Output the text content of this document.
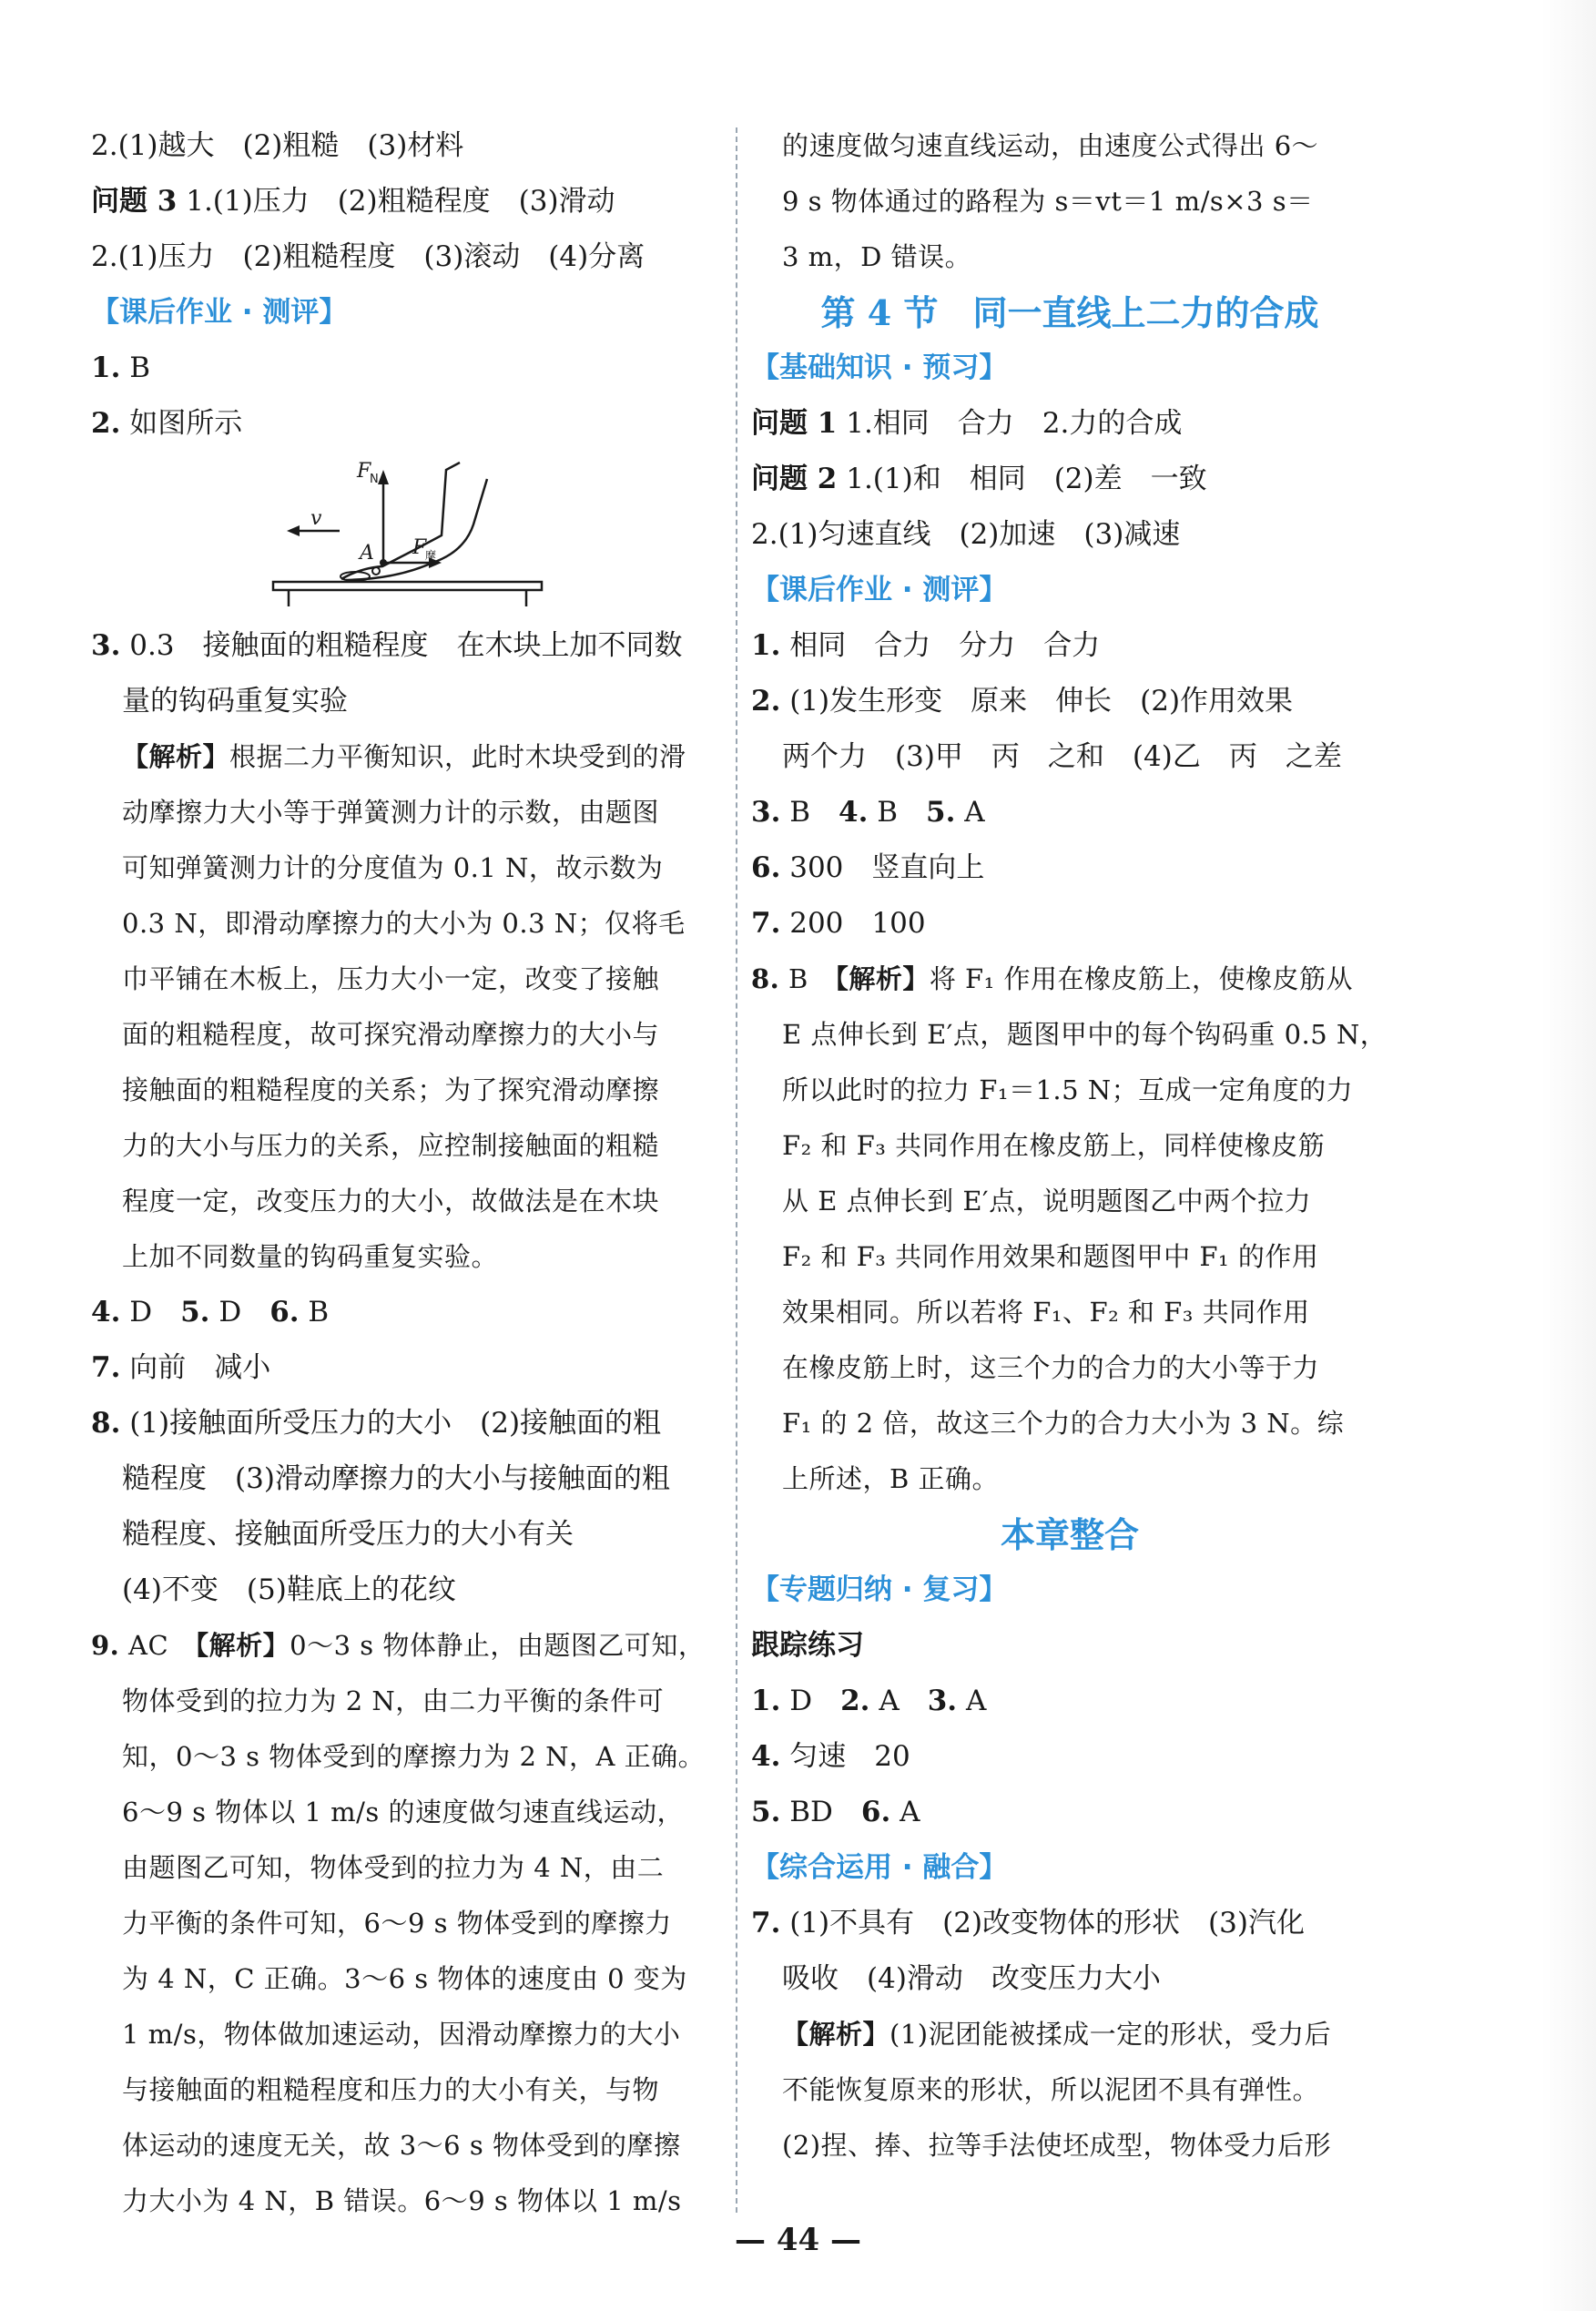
2.(1)越大　(2)粗糙　(3)材料
问题 3 1.(1)压力　(2)粗糙程度　(3)滑动
2.(1)压力　(2)粗糙程度　(3)滚动　(4)分离
【课后作业 · 测评】
1. B
2. 如图所示
F
N
v
A F
摩
3. 0.3　接触面的粗糙程度　在木块上加不同数
量的钩码重复实验
【解析】根据二力平衡知识，此时木块受到的滑
动摩擦力大小等于弹簧测力计的示数，由题图
可知弹簧测力计的分度值为 0.1 N，故示数为
0.3 N，即滑动摩擦力的大小为 0.3 N；仅将毛
巾平铺在木板上，压力大小一定，改变了接触
面的粗糙程度，故可探究滑动摩擦力的大小与
接触面的粗糙程度的关系；为了探究滑动摩擦
力的大小与压力的关系，应控制接触面的粗糙
程度一定，改变压力的大小，故做法是在木块
上加不同数量的钩码重复实验。
4. D　5. D　6. B
7. 向前　减小
8. (1)接触面所受压力的大小　(2)接触面的粗
糙程度　(3)滑动摩擦力的大小与接触面的粗
糙程度、接触面所受压力的大小有关
(4)不变　(5)鞋底上的花纹
9. AC　【解析】0～3 s 物体静止，由题图乙可知，
物体受到的拉力为 2 N，由二力平衡的条件可
知，0～3 s 物体受到的摩擦力为 2 N，A 正确。
6～9 s 物体以 1 m/s 的速度做匀速直线运动，
由题图乙可知，物体受到的拉力为 4 N，由二
力平衡的条件可知，6～9 s 物体受到的摩擦力
为 4 N，C 正确。3～6 s 物体的速度由 0 变为
1 m/s，物体做加速运动，因滑动摩擦力的大小
与接触面的粗糙程度和压力的大小有关，与物
体运动的速度无关，故 3～6 s 物体受到的摩擦
力大小为 4 N，B 错误。6～9 s 物体以 1 m/s
的速度做匀速直线运动，由速度公式得出 6～
9 s 物体通过的路程为 s＝vt＝1 m/s×3 s＝
3 m，D 错误。
第 4 节　同一直线上二力的合成
【基础知识 · 预习】
问题 1 1.相同　合力　2.力的合成
问题 2 1.(1)和　相同　(2)差　一致
2.(1)匀速直线　(2)加速　(3)减速
【课后作业 · 测评】
1. 相同　合力　分力　合力
2. (1)发生形变　原来　伸长　(2)作用效果
两个力　(3)甲　丙　之和　(4)乙　丙　之差
3. B　4. B　5. A
6. 300　竖直向上
7. 200　100
8. B　【解析】将 F₁ 作用在橡皮筋上，使橡皮筋从
E 点伸长到 E′点，题图甲中的每个钩码重 0.5 N，
所以此时的拉力 F₁＝1.5 N；互成一定角度的力
F₂ 和 F₃ 共同作用在橡皮筋上，同样使橡皮筋
从 E 点伸长到 E′点，说明题图乙中两个拉力
F₂ 和 F₃ 共同作用效果和题图甲中 F₁ 的作用
效果相同。所以若将 F₁、F₂ 和 F₃ 共同作用
在橡皮筋上时，这三个力的合力的大小等于力
F₁ 的 2 倍，故这三个力的合力大小为 3 N。综
上所述，B 正确。
本章整合
【专题归纳 · 复习】
跟踪练习
1. D　2. A　3. A
4. 匀速　20
5. BD　6. A
【综合运用 · 融合】
7. (1)不具有　(2)改变物体的形状　(3)汽化
吸收　(4)滑动　改变压力大小
【解析】(1)泥团能被揉成一定的形状，受力后
不能恢复原来的形状，所以泥团不具有弹性。
(2)捏、捧、拉等手法使坯成型，物体受力后形
— 44 —
